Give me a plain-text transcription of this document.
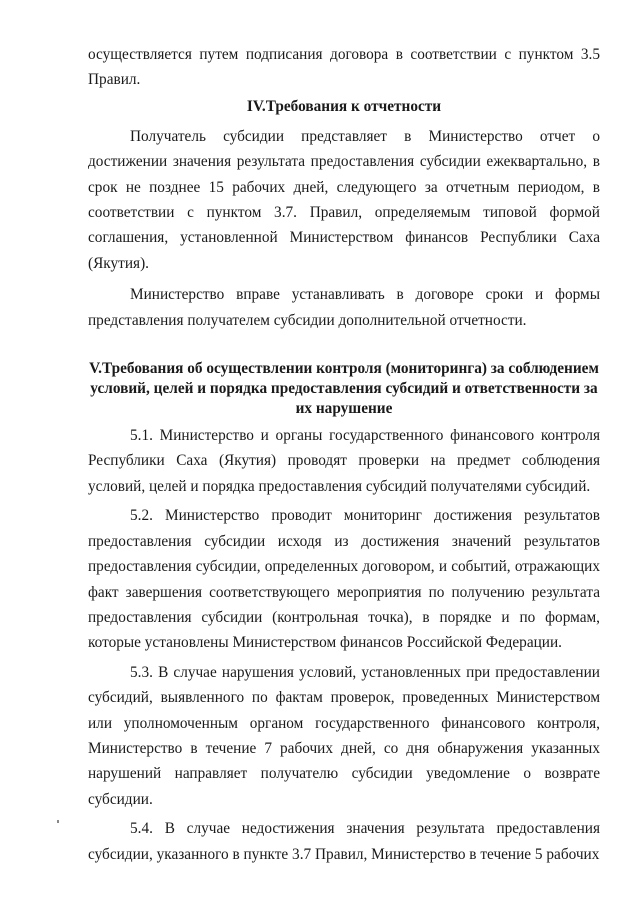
осуществляется путем подписания договора в соответствии с пунктом 3.5 Правил.

IV.Требования к отчетности

Получатель субсидии представляет в Министерство отчет о достижении значения результата предоставления субсидии ежеквартально, в срок не позднее 15 рабочих дней, следующего за отчетным периодом, в соответствии с пунктом 3.7. Правил, определяемым типовой формой соглашения, установленной Министерством финансов Республики Саха (Якутия).

Министерство вправе устанавливать в договоре сроки и формы представления получателем субсидии дополнительной отчетности.

V.Требования об осуществлении контроля (мониторинга) за соблюдением условий, целей и порядка предоставления субсидий и ответственности за их нарушение

5.1. Министерство и органы государственного финансового контроля Республики Саха (Якутия) проводят проверки на предмет соблюдения условий, целей и порядка предоставления субсидий получателями субсидий.

5.2. Министерство проводит мониторинг достижения результатов предоставления субсидии исходя из достижения значений результатов предоставления субсидии, определенных договором, и событий, отражающих факт завершения соответствующего мероприятия по получению результата предоставления субсидии (контрольная точка), в порядке и по формам, которые установлены Министерством финансов Российской Федерации.

5.3. В случае нарушения условий, установленных при предоставлении субсидий, выявленного по фактам проверок, проведенных Министерством или уполномоченным органом государственного финансового контроля, Министерство в течение 7 рабочих дней, со дня обнаружения указанных нарушений направляет получателю субсидии уведомление о возврате субсидии.

5.4. В случае недостижения значения результата предоставления субсидии, указанного в пункте 3.7 Правил, Министерство в течение 5 рабочих
